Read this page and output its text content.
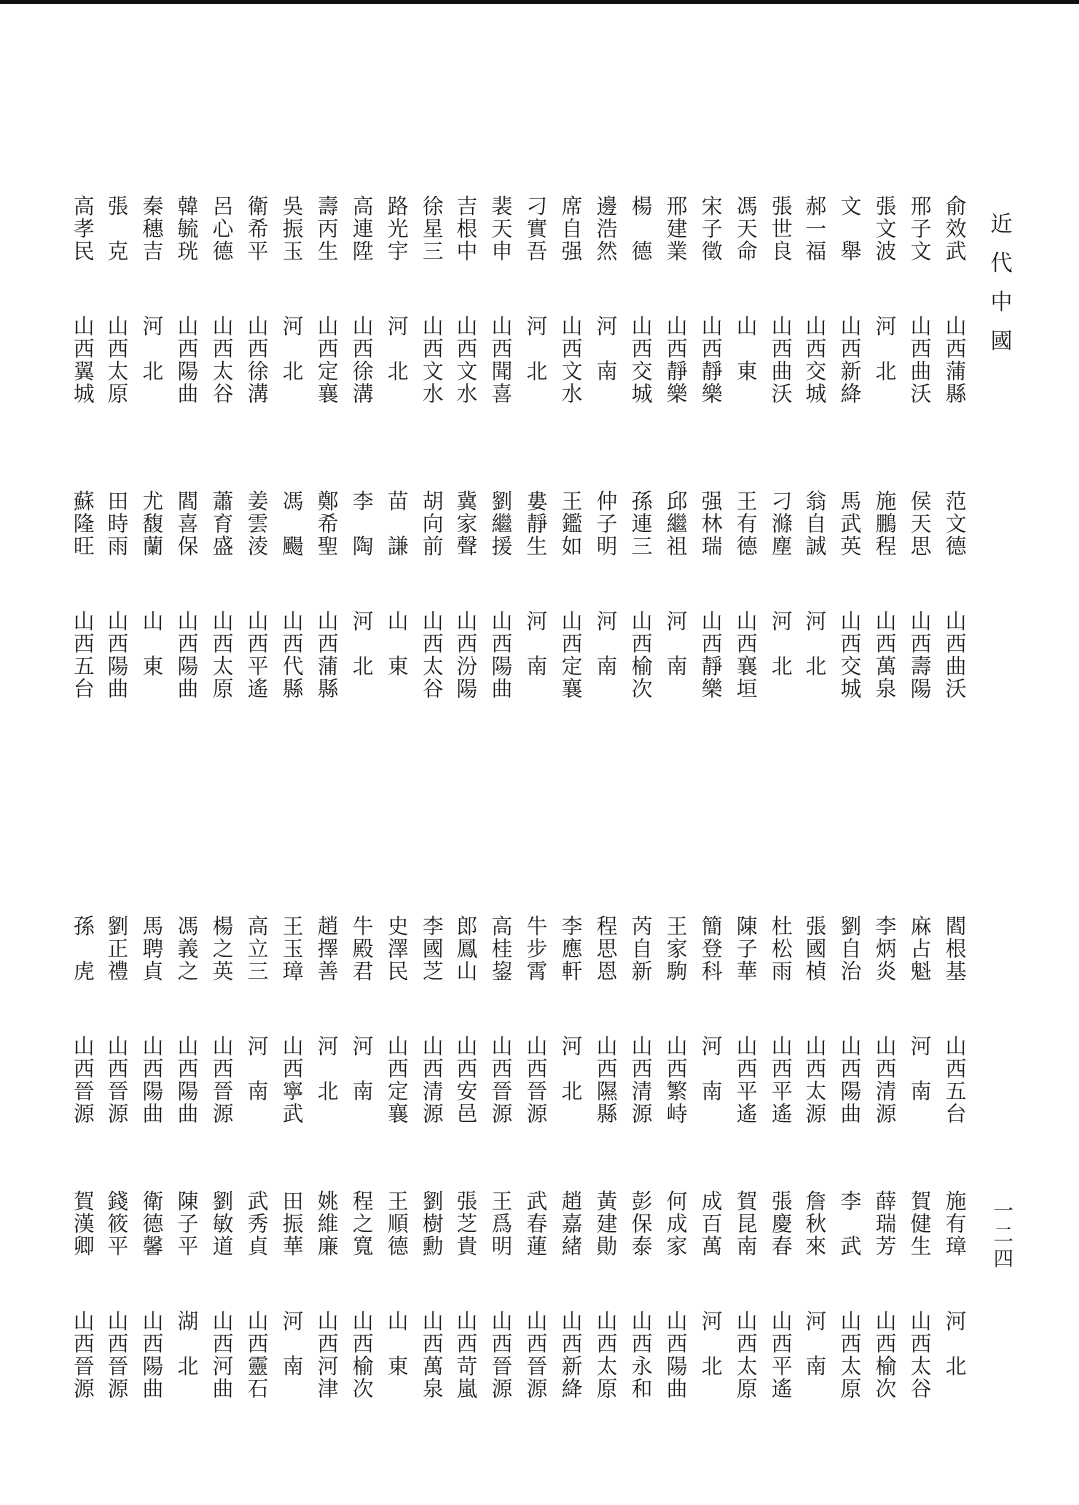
近代中國
一二四
俞效武
山西蒲縣
邢子文
山西曲沃
張文波
河　北
文　舉
山西新絳
郝一福
山西交城
張世良
山西曲沃
馮天命
山　東
宋子徵
山西靜樂
邢建業
山西靜樂
楊　德
山西交城
邊浩然
河　南
席自强
山西文水
刁實吾
河　北
裴天申
山西聞喜
吉根中
山西文水
徐星三
山西文水
路光宇
河　北
高連陞
山西徐溝
壽丙生
山西定襄
吳振玉
河　北
衛希平
山西徐溝
呂心德
山西太谷
韓毓珖
山西陽曲
秦穗吉
河　北
張　克
山西太原
高孝民
山西翼城
范文德
山西曲沃
侯天思
山西壽陽
施鵬程
山西萬泉
馬武英
山西交城
翁自誠
河　北
刁滌塵
河　北
王有德
山西襄垣
强林瑞
山西靜樂
邱繼祖
河　南
孫連三
山西榆次
仲子明
河　南
王鑑如
山西定襄
婁靜生
河　南
劉繼援
山西陽曲
冀家聲
山西汾陽
胡向前
山西太谷
苗　謙
山　東
李　陶
河　北
鄭希聖
山西蒲縣
馮　颺
山西代縣
姜雲淩
山西平遙
蕭育盛
山西太原
閻喜保
山西陽曲
尤馥蘭
山　東
田時雨
山西陽曲
蘇隆旺
山西五台
閻根基
山西五台
麻占魁
河　南
李炳炎
山西清源
劉自治
山西陽曲
張國楨
山西太源
杜松雨
山西平遙
陳子華
山西平遙
簡登科
河　南
王家駒
山西繁峙
芮自新
山西清源
程思恩
山西隰縣
李應軒
河　北
牛步霄
山西晉源
高桂鋆
山西晉源
郎鳳山
山西安邑
李國芝
山西清源
史澤民
山西定襄
牛殿君
河　南
趙擇善
河　北
王玉璋
山西寧武
高立三
河　南
楊之英
山西晉源
馮義之
山西陽曲
馬聘貞
山西陽曲
劉正禮
山西晉源
孫　虎
山西晉源
施有璋
河　北
賀健生
山西太谷
薛瑞芳
山西榆次
李　武
山西太原
詹秋來
河　南
張慶春
山西平遙
賀昆南
山西太原
成百萬
河　北
何成家
山西陽曲
彭保泰
山西永和
黃建勛
山西太原
趙嘉緒
山西新絳
武春蓮
山西晉源
王爲明
山西晉源
張芝貴
山西苛嵐
劉樹勳
山西萬泉
王順德
山　東
程之寬
山西榆次
姚維廉
山西河津
田振華
河　南
武秀貞
山西靈石
劉敏道
山西河曲
陳子平
湖　北
衛德馨
山西陽曲
錢筱平
山西晉源
賀漢卿
山西晉源
